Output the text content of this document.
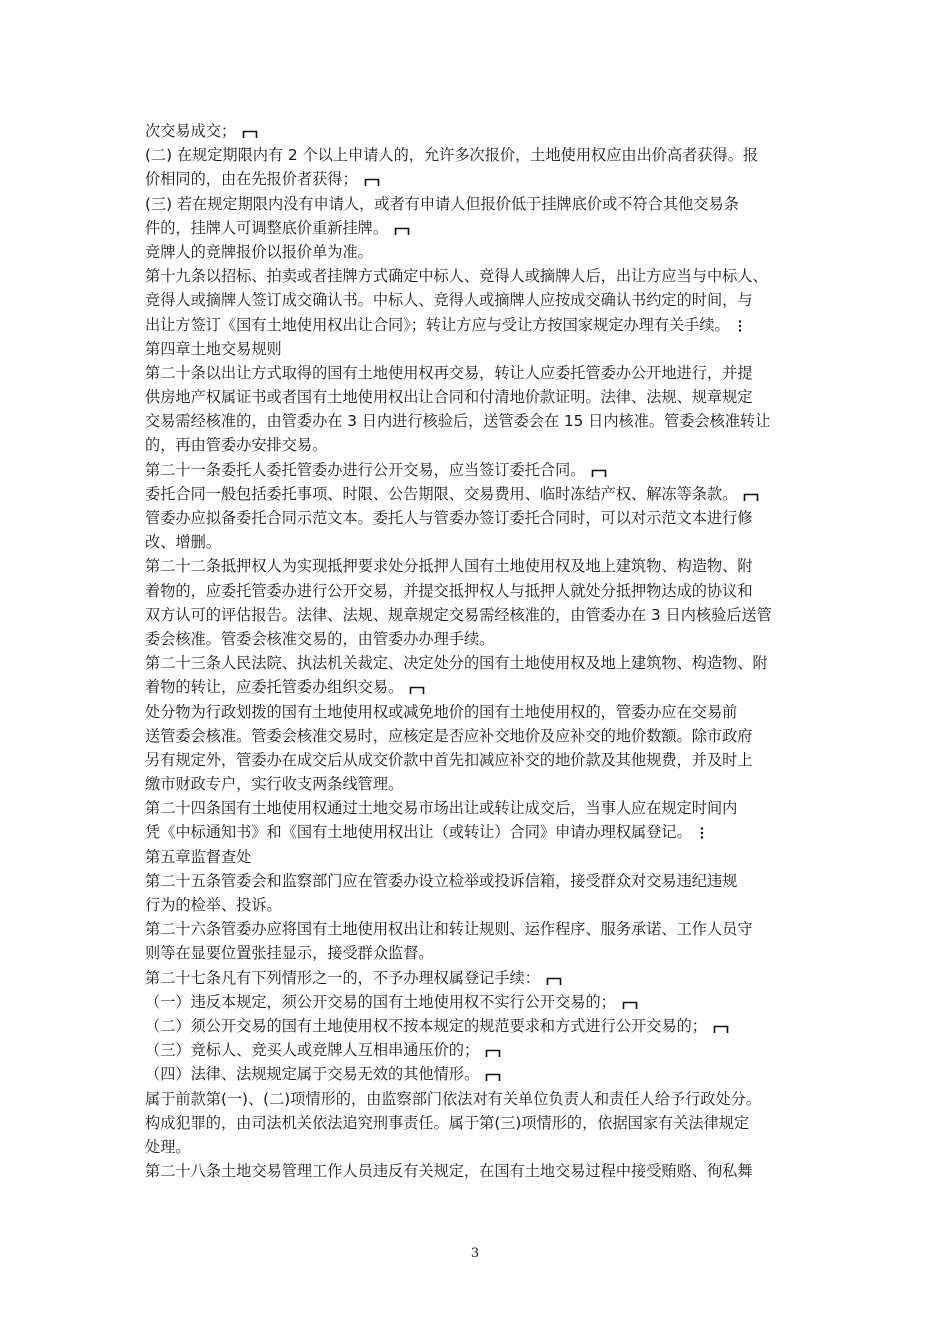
次交易成交；
(二) 在规定期限内有 2 个以上申请人的，允许多次报价，土地使用权应由出价高者获得。报
价相同的，由在先报价者获得；
(三) 若在规定期限内没有申请人，或者有申请人但报价低于挂牌底价或不符合其他交易条
件的，挂牌人可调整底价重新挂牌。
竞牌人的竞牌报价以报价单为准。
第十九条以招标、拍卖或者挂牌方式确定中标人、竞得人或摘牌人后，出让方应当与中标人、
竞得人或摘牌人签订成交确认书。中标人、竞得人或摘牌人应按成交确认书约定的时间，与
出让方签订《国有土地使用权出让合同》；转让方应与受让方按国家规定办理有关手续。
第四章土地交易规则
第二十条以出让方式取得的国有土地使用权再交易，转让人应委托管委办公开地进行，并提
供房地产权属证书或者国有土地使用权出让合同和付清地价款证明。法律、法规、规章规定
交易需经核准的，由管委办在 3 日内进行核验后，送管委会在 15 日内核准。管委会核准转让
的，再由管委办安排交易。
第二十一条委托人委托管委办进行公开交易，应当签订委托合同。
委托合同一般包括委托事项、时限、公告期限、交易费用、临时冻结产权、解冻等条款。
管委办应拟备委托合同示范文本。委托人与管委办签订委托合同时，可以对示范文本进行修
改、增删。
第二十二条抵押权人为实现抵押要求处分抵押人国有土地使用权及地上建筑物、构造物、附
着物的，应委托管委办进行公开交易，并提交抵押权人与抵押人就处分抵押物达成的协议和
双方认可的评估报告。法律、法规、规章规定交易需经核准的，由管委办在 3 日内核验后送管
委会核准。管委会核准交易的，由管委办办理手续。
第二十三条人民法院、执法机关裁定、决定处分的国有土地使用权及地上建筑物、构造物、附
着物的转让，应委托管委办组织交易。
处分物为行政划拨的国有土地使用权或减免地价的国有土地使用权的，管委办应在交易前
送管委会核准。管委会核准交易时，应核定是否应补交地价及应补交的地价数额。除市政府
另有规定外，管委办在成交后从成交价款中首先扣减应补交的地价款及其他规费，并及时上
缴市财政专户，实行收支两条线管理。
第二十四条国有土地使用权通过土地交易市场出让或转让成交后，当事人应在规定时间内
凭《中标通知书》和《国有土地使用权出让（或转让）合同》申请办理权属登记。
第五章监督查处
第二十五条管委会和监察部门应在管委办设立检举或投诉信箱，接受群众对交易违纪违规
行为的检举、投诉。
第二十六条管委办应将国有土地使用权出让和转让规则、运作程序、服务承诺、工作人员守
则等在显要位置张挂显示，接受群众监督。
第二十七条凡有下列情形之一的，不予办理权属登记手续：
（一）违反本规定，须公开交易的国有土地使用权不实行公开交易的；
（二）须公开交易的国有土地使用权不按本规定的规范要求和方式进行公开交易的；
（三）竞标人、竞买人或竞牌人互相串通压价的；
（四）法律、法规规定属于交易无效的其他情形。
属于前款第(一)、(二)项情形的，由监察部门依法对有关单位负责人和责任人给予行政处分。
构成犯罪的，由司法机关依法追究刑事责任。属于第(三)项情形的，依据国家有关法律规定
处理。
第二十八条土地交易管理工作人员违反有关规定，在国有土地交易过程中接受贿赂、徇私舞
3
